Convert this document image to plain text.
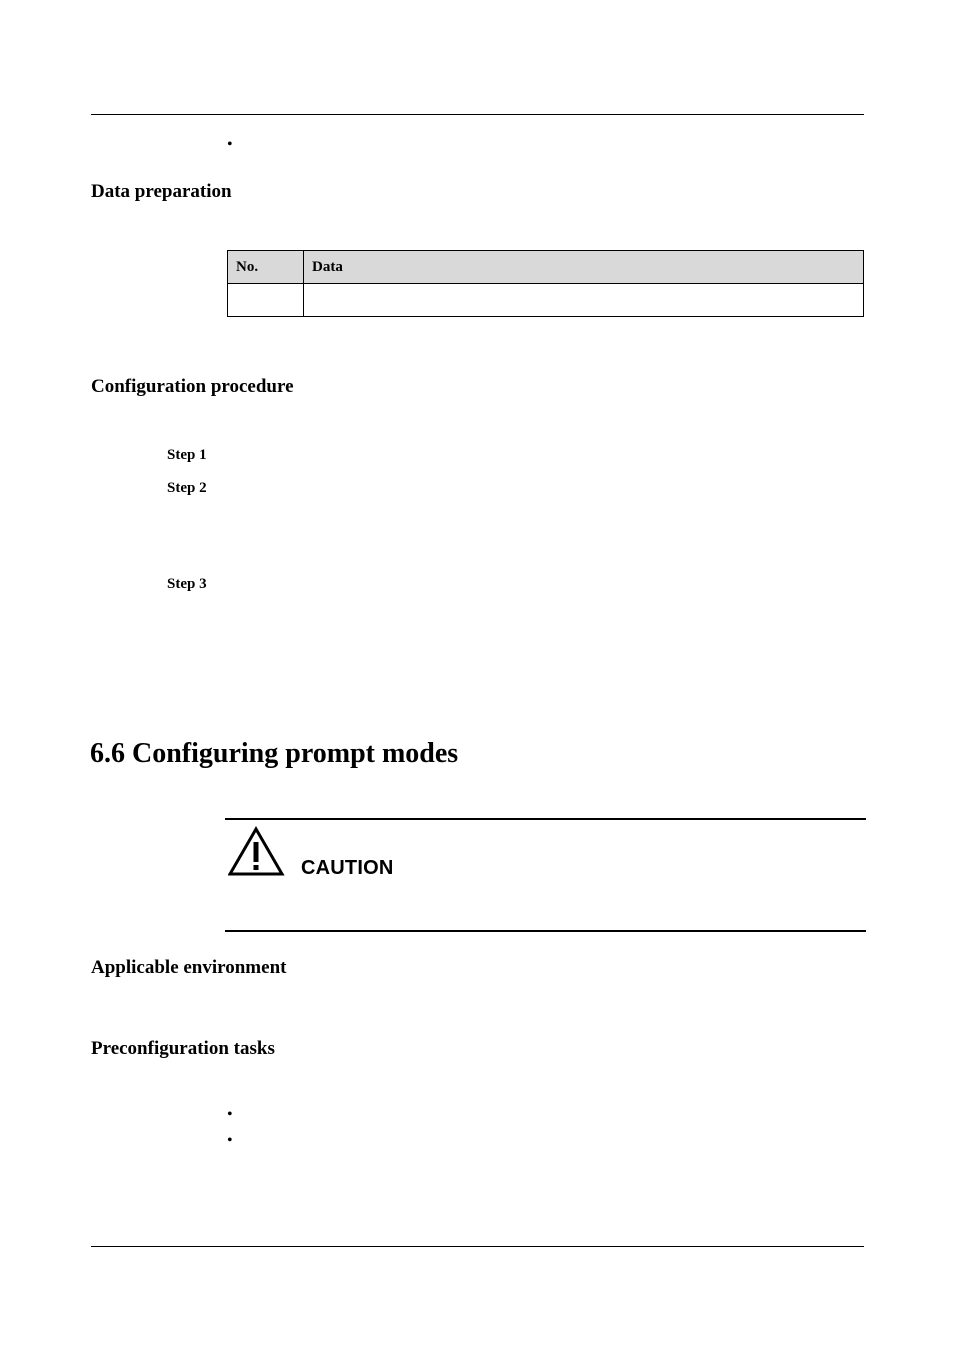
•
Data preparation
No.	Data

Configuration procedure
Step 1
Step 2
Step 3
6.6 Configuring prompt modes
CAUTION
Applicable environment
Preconfiguration tasks
•
•
